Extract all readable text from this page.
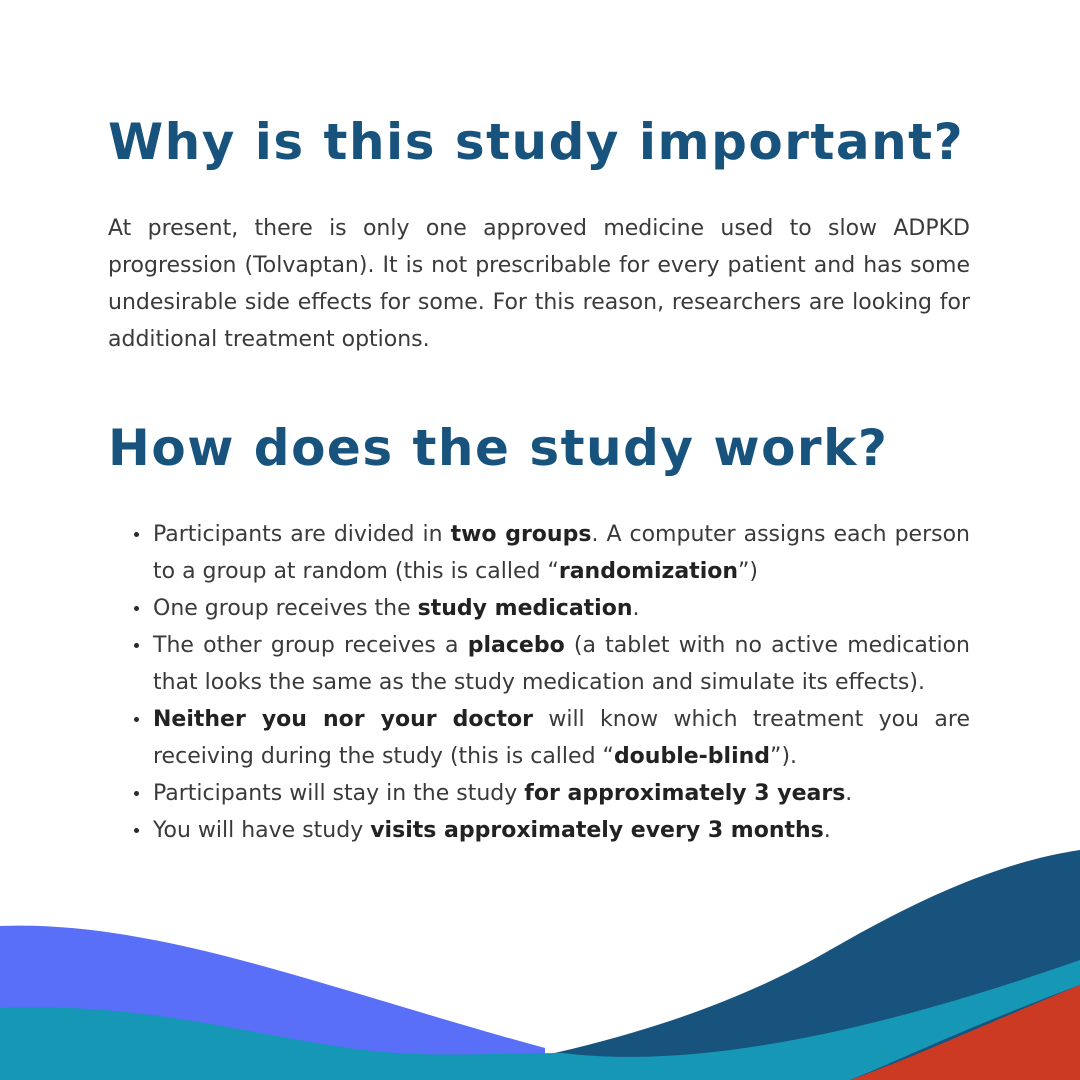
Why is this study important?

At present, there is only one approved medicine used to slow ADPKD progression (Tolvaptan). It is not prescribable for every patient and has some undesirable side effects for some. For this reason, researchers are looking for additional treatment options.

How does the study work?
Participants are divided in two groups. A computer assigns each person to a group at random (this is called “randomization”)
One group receives the study medication.
The other group receives a placebo (a tablet with no active medication that looks the same as the study medication and simulate its effects).
Neither you nor your doctor will know which treatment you are receiving during the study (this is called “double-blind”).
Participants will stay in the study for approximately 3 years.
You will have study visits approximately every 3 months.
